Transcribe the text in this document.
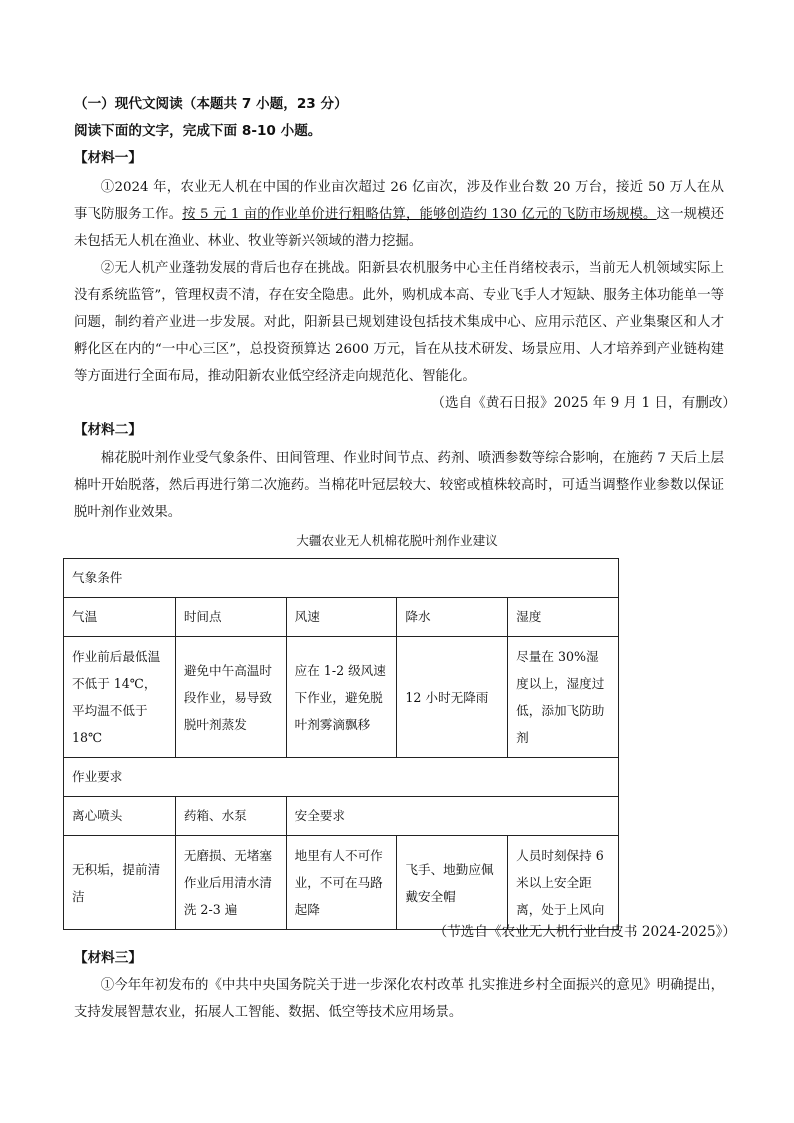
（一）现代文阅读（本题共 7 小题，23 分）
阅读下面的文字，完成下面 8-10 小题。
【材料一】
①2024 年，农业无人机在中国的作业亩次超过 26 亿亩次，涉及作业台数 20 万台，接近 50 万人在从事飞防服务工作。按 5 元 1 亩的作业单价进行粗略估算，能够创造约 130 亿元的飞防市场规模。这一规模还未包括无人机在渔业、林业、牧业等新兴领域的潜力挖掘。
②无人机产业蓬勃发展的背后也存在挑战。阳新县农机服务中心主任肖绪校表示，当前无人机领域实际上没有系统监管”，管理权责不清，存在安全隐患。此外，购机成本高、专业飞手人才短缺、服务主体功能单一等问题，制约着产业进一步发展。对此，阳新县已规划建设包括技术集成中心、应用示范区、产业集聚区和人才孵化区在内的“一中心三区”，总投资预算达 2600 万元，旨在从技术研发、场景应用、人才培养到产业链构建等方面进行全面布局，推动阳新农业低空经济走向规范化、智能化。
（选自《黄石日报》2025 年 9 月 1 日，有删改）
【材料二】
棉花脱叶剂作业受气象条件、田间管理、作业时间节点、药剂、喷洒参数等综合影响，在施药 7 天后上层棉叶开始脱落，然后再进行第二次施药。当棉花叶冠层较大、较密或植株较高时，可适当调整作业参数以保证脱叶剂作业效果。
大疆农业无人机棉花脱叶剂作业建议
气象条件				
气温	时间点	风速	降水	湿度
作业前后最低温不低于 14℃，平均温不低于 18℃	避免中午高温时段作业，易导致脱叶剂蒸发	应在 1-2 级风速下作业，避免脱叶剂雾滴飘移	12 小时无降雨	尽量在 30%湿度以上，湿度过低，添加飞防助剂
作业要求				
离心喷头	药箱、水泵	安全要求		
无积垢，提前清洁	无磨损、无堵塞作业后用清水清洗 2-3 遍	地里有人不可作业，不可在马路起降	飞手、地勤应佩戴安全帽	人员时刻保持 6 米以上安全距离，处于上风向
（节选自《农业无人机行业白皮书 2024-2025》）
【材料三】
①今年年初发布的《中共中央国务院关于进一步深化农村改革 扎实推进乡村全面振兴的意见》明确提出，支持发展智慧农业，拓展人工智能、数据、低空等技术应用场景。
